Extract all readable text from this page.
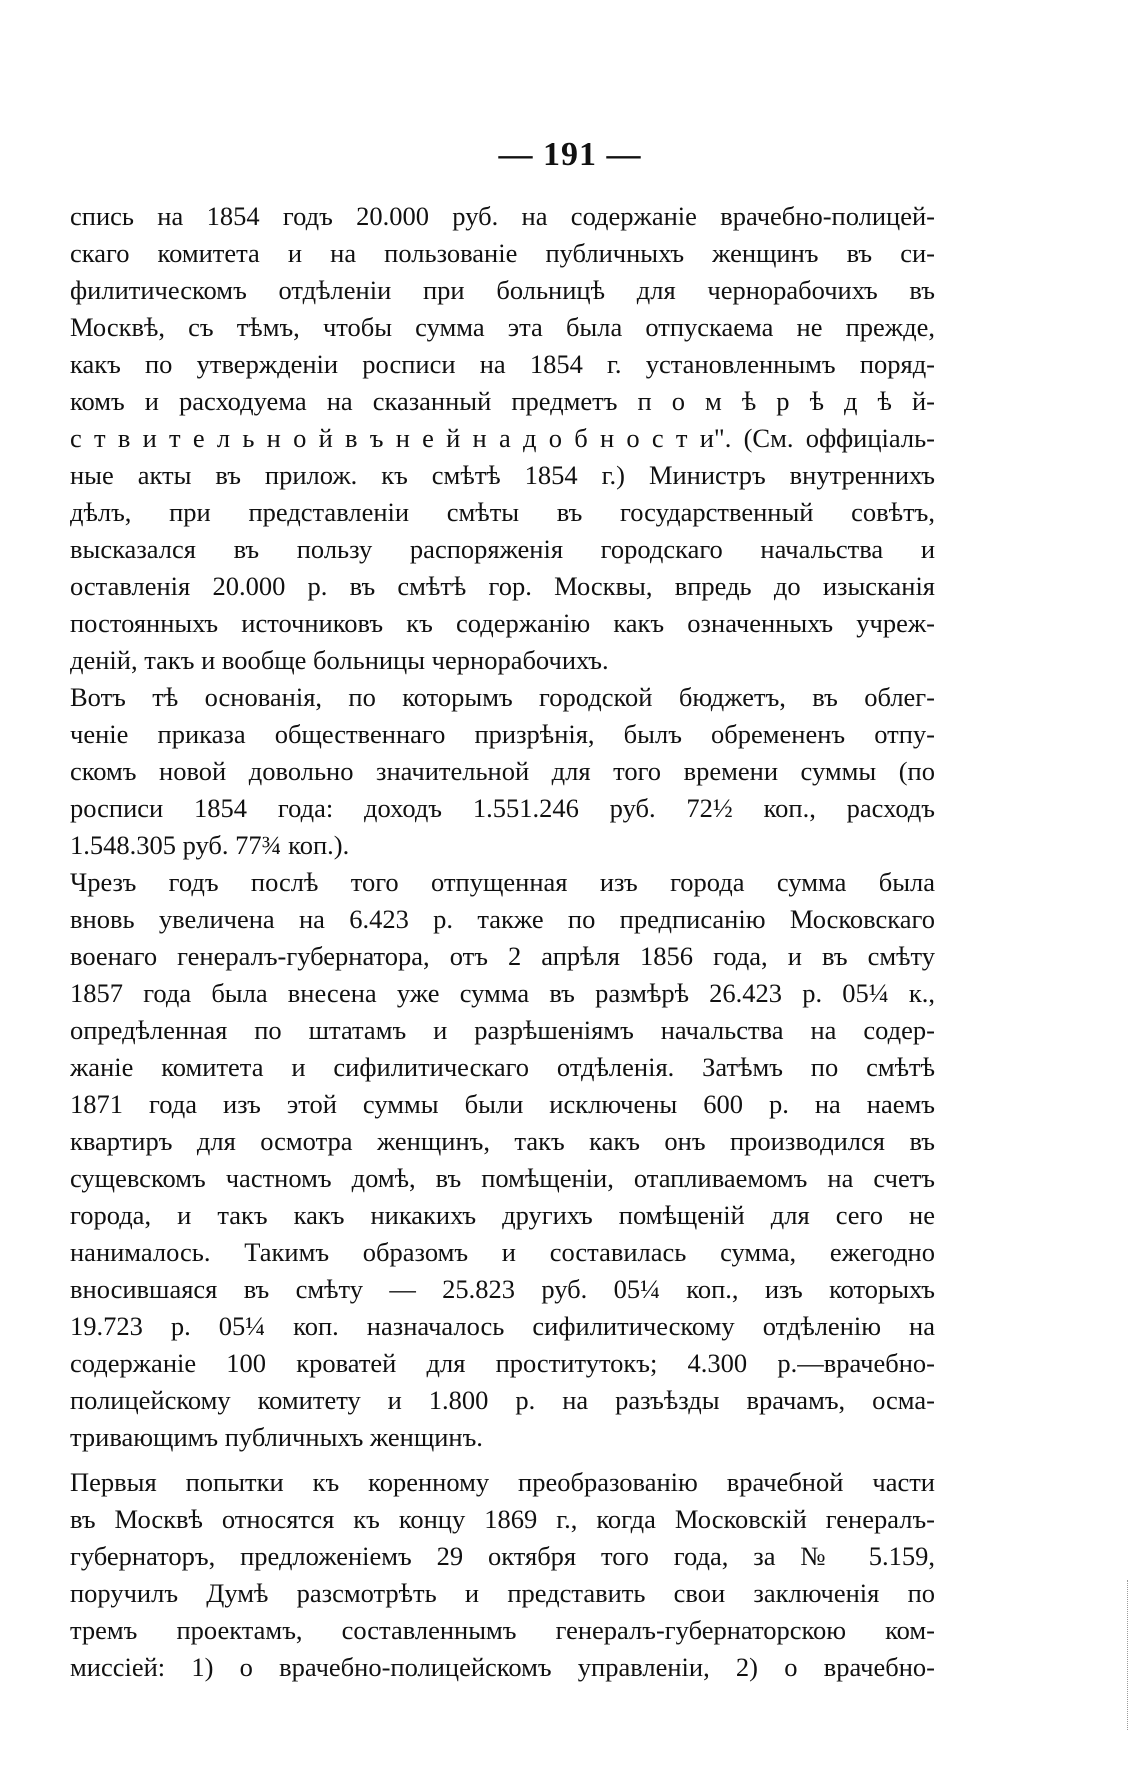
— 191 —
спись на 1854 годъ 20.000 руб. на содержаніе врачебно-полицей-
скаго комитета и на пользованіе публичныхъ женщинъ въ си-
филитическомъ отдѣленіи при больницѣ для чернорабочихъ въ
Москвѣ, съ тѣмъ, чтобы сумма эта была отпускаема не прежде,
какъ по утвержденіи росписи на 1854 г. установленнымъ поряд-
комъ и расходуема на сказанный предметъ п о м ѣ р ѣ д ѣ й-
с т в и т е л ь н о й в ъ н е й н а д о б н о с т и". (См. оффиціаль-
ные акты въ прилож. къ смѣтѣ 1854 г.) Министръ внутреннихъ
дѣлъ, при представленіи смѣты въ государственный совѣтъ,
высказался въ пользу распоряженія городскаго начальства и
оставленія 20.000 р. въ смѣтѣ гор. Москвы, впредь до изысканія
постоянныхъ источниковъ къ содержанію какъ означенныхъ учреж-
деній, такъ и вообще больницы чернорабочихъ.
Вотъ тѣ основанія, по которымъ городской бюджетъ, въ облег-
ченіе приказа общественнаго призрѣнія, былъ обремененъ отпу-
скомъ новой довольно значительной для того времени суммы (по
росписи 1854 года: доходъ 1.551.246 руб. 72½ коп., расходъ
1.548.305 руб. 77¾ коп.).
Чрезъ годъ послѣ того отпущенная изъ города сумма была
вновь увеличена на 6.423 р. также по предписанію Московскаго
военаго генералъ-губернатора, отъ 2 апрѣля 1856 года, и въ смѣту
1857 года была внесена уже сумма въ размѣрѣ 26.423 р. 05¼ к.,
опредѣленная по штатамъ и разрѣшеніямъ начальства на содер-
жаніе комитета и сифилитическаго отдѣленія. Затѣмъ по смѣтѣ
1871 года изъ этой суммы были исключены 600 р. на наемъ
квартиръ для осмотра женщинъ, такъ какъ онъ производился въ
сущевскомъ частномъ домѣ, въ помѣщеніи, отапливаемомъ на счетъ
города, и такъ какъ никакихъ другихъ помѣщеній для сего не
нанималось. Такимъ образомъ и составилась сумма, ежегодно
вносившаяся въ смѣту — 25.823 руб. 05¼ коп., изъ которыхъ
19.723 р. 05¼ коп. назначалось сифилитическому отдѣленію на
содержаніе 100 кроватей для проститутокъ; 4.300 р.—врачебно-
полицейскому комитету и 1.800 р. на разъѣзды врачамъ, осма-
тривающимъ публичныхъ женщинъ.
Первыя попытки къ коренному преобразованію врачебной части
въ Москвѣ относятся къ концу 1869 г., когда Московскій генералъ-
губернаторъ, предложеніемъ 29 октября того года, за № 5.159,
поручилъ Думѣ разсмотрѣть и представить свои заключенія по
тремъ проектамъ, составленнымъ генералъ-губернаторскою ком-
миссіей: 1) о врачебно-полицейскомъ управленіи, 2) о врачебно-
